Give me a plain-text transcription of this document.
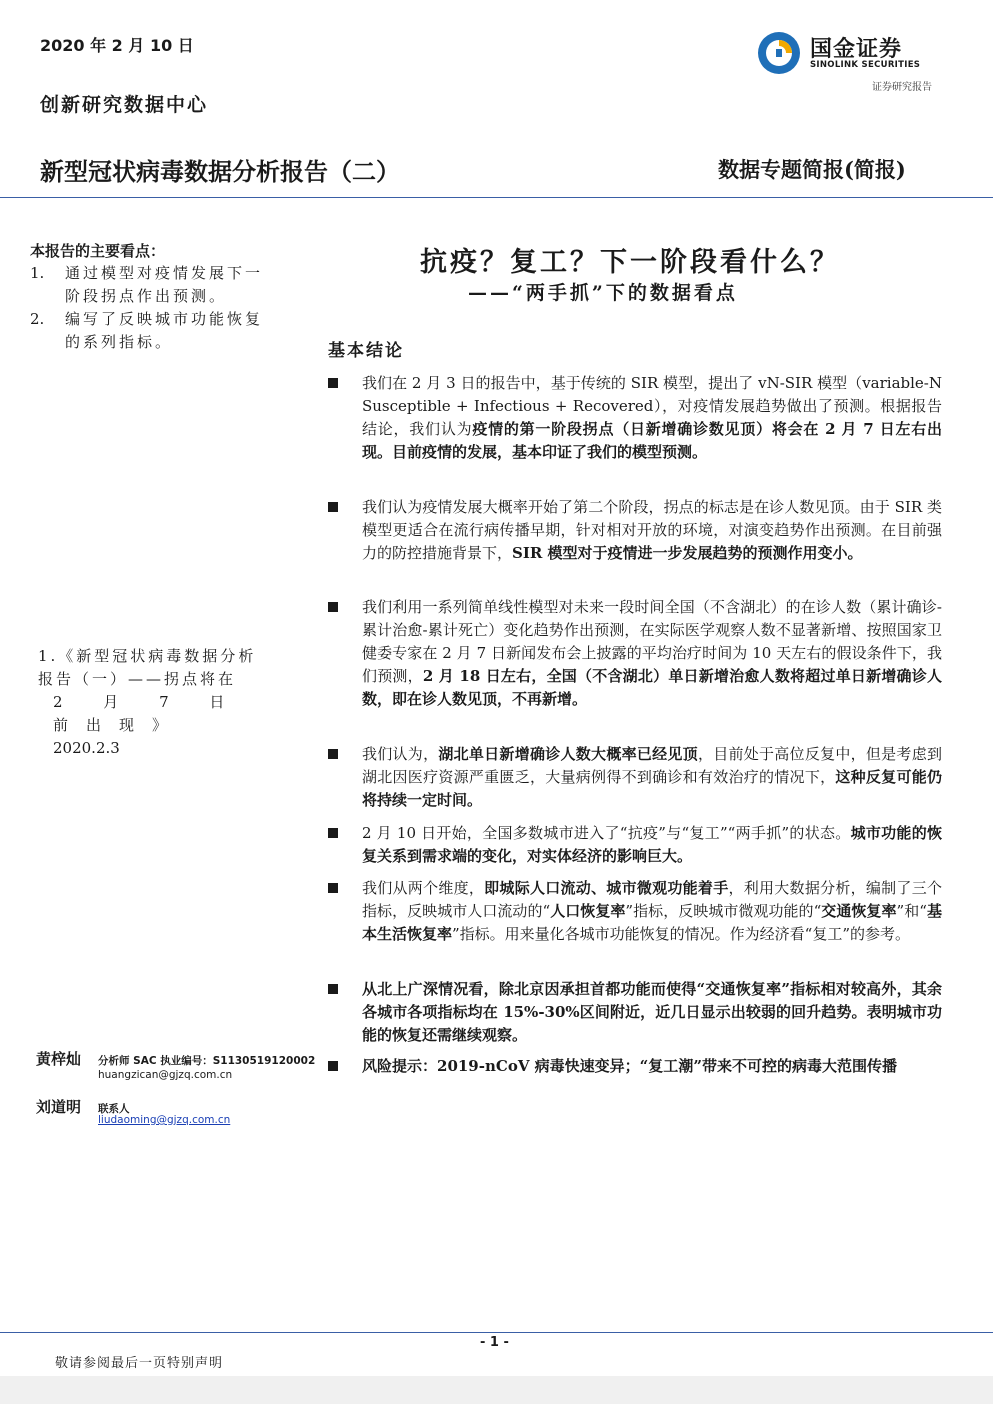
2020 年 2 月 10 日
创新研究数据中心
国金证券
SINOLINK SECURITIES
证券研究报告
新型冠状病毒数据分析报告（二）	数据专题简报(简报)
本报告的主要看点：
1. 通过模型对疫情发展下一阶段拐点作出预测。
2. 编写了反映城市功能恢复的系列指标。
1.《新型冠状病毒数据分析报告（一）——拐点将在
2 月 7 日前出现》
2020.2.3
抗疫？复工？下一阶段看什么？
——“两手抓”下的数据看点
基本结论
我们在 2 月 3 日的报告中，基于传统的 SIR 模型，提出了 vN-SIR 模型（variable-N Susceptible + Infectious + Recovered），对疫情发展趋势做出了预测。根据报告结论，我们认为疫情的第一阶段拐点（日新增确诊数见顶）将会在 2 月 7 日左右出现。目前疫情的发展，基本印证了我们的模型预测。
我们认为疫情发展大概率开始了第二个阶段，拐点的标志是在诊人数见顶。由于 SIR 类模型更适合在流行病传播早期，针对相对开放的环境，对演变趋势作出预测。在目前强力的防控措施背景下，SIR 模型对于疫情进一步发展趋势的预测作用变小。
我们利用一系列简单线性模型对未来一段时间全国（不含湖北）的在诊人数（累计确诊-累计治愈-累计死亡）变化趋势作出预测，在实际医学观察人数不显著新增、按照国家卫健委专家在 2 月 7 日新闻发布会上披露的平均治疗时间为 10 天左右的假设条件下，我们预测，2 月 18 日左右，全国（不含湖北）单日新增治愈人数将超过单日新增确诊人数，即在诊人数见顶，不再新增。
我们认为，湖北单日新增确诊人数大概率已经见顶，目前处于高位反复中，但是考虑到湖北因医疗资源严重匮乏，大量病例得不到确诊和有效治疗的情况下，这种反复可能仍将持续一定时间。
2 月 10 日开始，全国多数城市进入了“抗疫”与“复工”“两手抓”的状态。城市功能的恢复关系到需求端的变化，对实体经济的影响巨大。
我们从两个维度，即城际人口流动、城市微观功能着手，利用大数据分析，编制了三个指标，反映城市人口流动的“人口恢复率”指标，反映城市微观功能的“交通恢复率”和“基本生活恢复率”指标。用来量化各城市功能恢复的情况。作为经济看“复工”的参考。
从北上广深情况看，除北京因承担首都功能而使得“交通恢复率”指标相对较高外，其余各城市各项指标均在 15%-30%区间附近，近几日显示出较弱的回升趋势。表明城市功能的恢复还需继续观察。
风险提示：2019-nCoV 病毒快速变异；“复工潮”带来不可控的病毒大范围传播
黄梓灿 分析师 SAC 执业编号：S1130519120002
huangzican@gjzq.com.cn
刘道明 联系人
liudaoming@gjzq.com.cn
- 1 -
敬请参阅最后一页特别声明
